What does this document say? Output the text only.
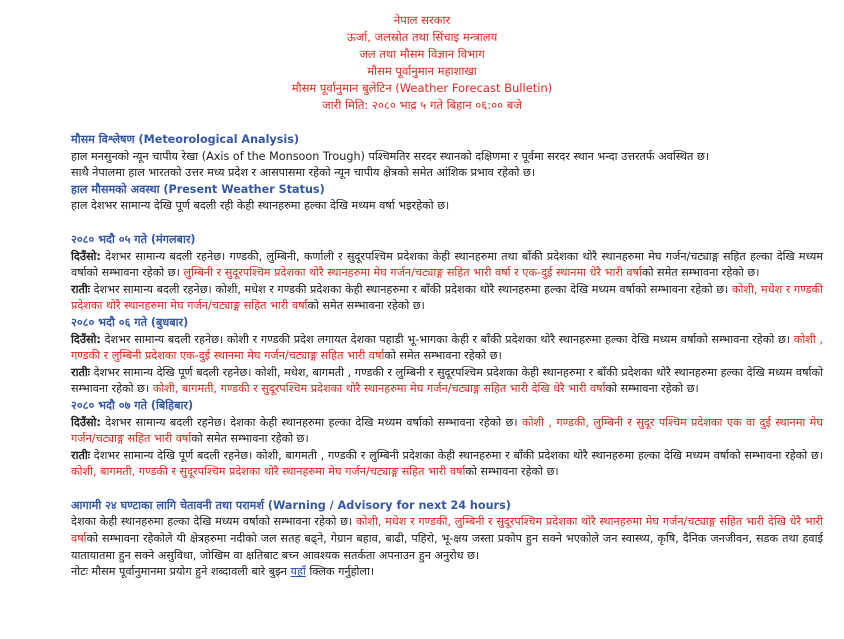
नेपाल सरकार
ऊर्जा, जलस्रोत तथा सिंचाइ मन्त्रालय
जल तथा मौसम विज्ञान विभाग
मौसम पूर्वानुमान महाशाखा
मौसम पूर्वानुमान बुलेटिन (Weather Forecast Bulletin)
जारी मिति: २०८० भाद्र ५ गते बिहान ०६:०० बजे

मौसम विश्लेषण (Meteorological Analysis)

हाल मनसुनको न्यून चापीय रेखा (Axis of the Monsoon Trough) पश्चिमतिर सरदर स्थानको दक्षिणमा र पूर्वमा सरदर स्थान भन्दा उत्तरतर्फ अवस्थित छ।

साथै नेपालमा हाल भारतको उत्तर मध्य प्रदेश र आसपासमा रहेको न्यून चापीय क्षेत्रको समेत आंशिक प्रभाव रहेको छ।

हाल मौसमको अवस्था (Present Weather Status)

हाल देशभर सामान्य देखि पूर्ण बदली रही केही स्थानहरुमा हल्का देखि मध्यम वर्षा भइरहेको छ।

२०८० भदौ ०५ गते (मंगलबार)

दिउँसो: देशभर सामान्य बदली रहनेछ। गण्डकी, लुम्बिनी, कर्णाली र सुदूरपश्चिम प्रदेशका केही स्थानहरुमा तथा बाँकी प्रदेशका थोरै स्थानहरुमा मेघ गर्जन/चट्याङ्ग सहित हल्का देखि मध्यम वर्षाको सम्भावना रहेको छ। लुम्बिनी र सुदूरपश्चिम प्रदेशका थोरै स्थानहरुमा मेघ गर्जन/चट्याङ्ग सहित भारी वर्षा र एक-दुई स्थानमा धेरै भारी वर्षाको समेत सम्भावना रहेको छ।

रातीः देशभर सामान्य बदली रहनेछ। कोशी, मधेश र गण्डकी प्रदेशका केही स्थानहरुमा र बाँकी प्रदेशका थोरै स्थानहरुमा हल्का देखि मध्यम वर्षाको सम्भावना रहेको छ। कोशी, मधेश र गण्डकी प्रदेशका थोरै स्थानहरुमा मेघ गर्जन/चट्याङ्ग सहित भारी वर्षाको समेत सम्भावना रहेको छ।

२०८० भदौ ०६ गते (बुधबार)

दिउँसो: देशभर सामान्य बदली रहनेछ। कोशी र गण्डकी प्रदेश लगायत देशका पहाडी भू-भागका केही र बाँकी प्रदेशका थोरै स्थानहरुमा हल्का देखि मध्यम वर्षाको सम्भावना रहेको छ। कोशी , गण्डकी र लुम्बिनी प्रदेशका एक-दुई स्थानमा मेघ गर्जन/चट्याङ्ग सहित भारी वर्षाको समेत सम्भावना रहेको छ।

रातीः देशभर सामान्य देखि पूर्ण बदली रहनेछ। कोशी, मधेश, बागमती , गण्डकी र लुम्बिनी र सुदूरपश्चिम प्रदेशका केही स्थानहरुमा र बाँकी प्रदेशका थोरै स्थानहरुमा हल्का देखि मध्यम वर्षाको सम्भावना रहेको छ। कोशी, बागमती, गण्डकी र सुदूरपश्चिम प्रदेशका थोरै स्थानहरुमा मेघ गर्जन/चट्याङ्ग सहित भारी देखि धेरै भारी वर्षाको सम्भावना रहेको छ।

२०८० भदौ ०७ गते (बिहिबार)

दिउँसो: देशभर सामान्य बदली रहनेछ। देशका केही स्थानहरुमा हल्का देखि मध्यम वर्षाको सम्भावना रहेको छ। कोशी , गण्डकी, लुम्बिनी र सुदूर पश्चिम प्रदेशका एक वा दुई स्थानमा मेघ गर्जन/चट्याङ्ग सहित भारी वर्षाको समेत सम्भावना रहेको छ।

रातीः देशभर सामान्य देखि पूर्ण बदली रहनेछ। कोशी, बागमती , गण्डकी र लुम्बिनी प्रदेशका केही स्थानहरुमा र बाँकी प्रदेशका थोरै स्थानहरुमा हल्का देखि मध्यम वर्षाको सम्भावना रहेको छ। कोशी, बागमती, गण्डकी र सुदूरपश्चिम प्रदेशका थोरै स्थानहरुमा मेघ गर्जन/चट्याङ्ग सहित भारी वर्षाको सम्भावना रहेको छ।

आगामी २४ घण्टाका लागि चेतावनी तथा परामर्श (Warning / Advisory for next 24 hours)

देशका केही स्थानहरुमा हल्का देखि मध्यम वर्षाको सम्भावना रहेको छ। कोशी, मधेश र गण्डकी, लुम्बिनी र सुदूरपश्चिम प्रदेशका थोरै स्थानहरुमा मेघ गर्जन/चट्याङ्ग सहित भारी देखि धेरै भारी वर्षाको सम्भावना रहेकोले यी क्षेत्रहरुमा नदीको जल सतह बढ्ने, गेग्रान बहाव, बाढी, पहिरो, भू-क्षय जस्ता प्रकोप हुन सक्ने भएकोले जन स्वास्थ्य, कृषि, दैनिक जनजीवन, सडक तथा हवाई यातायातमा हुन सक्ने असुविधा, जोखिम वा क्षतिबाट बच्न आवश्यक सतर्कता अपनाउन हुन अनुरोध छ।

नोटः मौसम पूर्वानुमानमा प्रयोग हुने शब्दावली बारे बुझ्न यहाँ क्लिक गर्नुहोला।
